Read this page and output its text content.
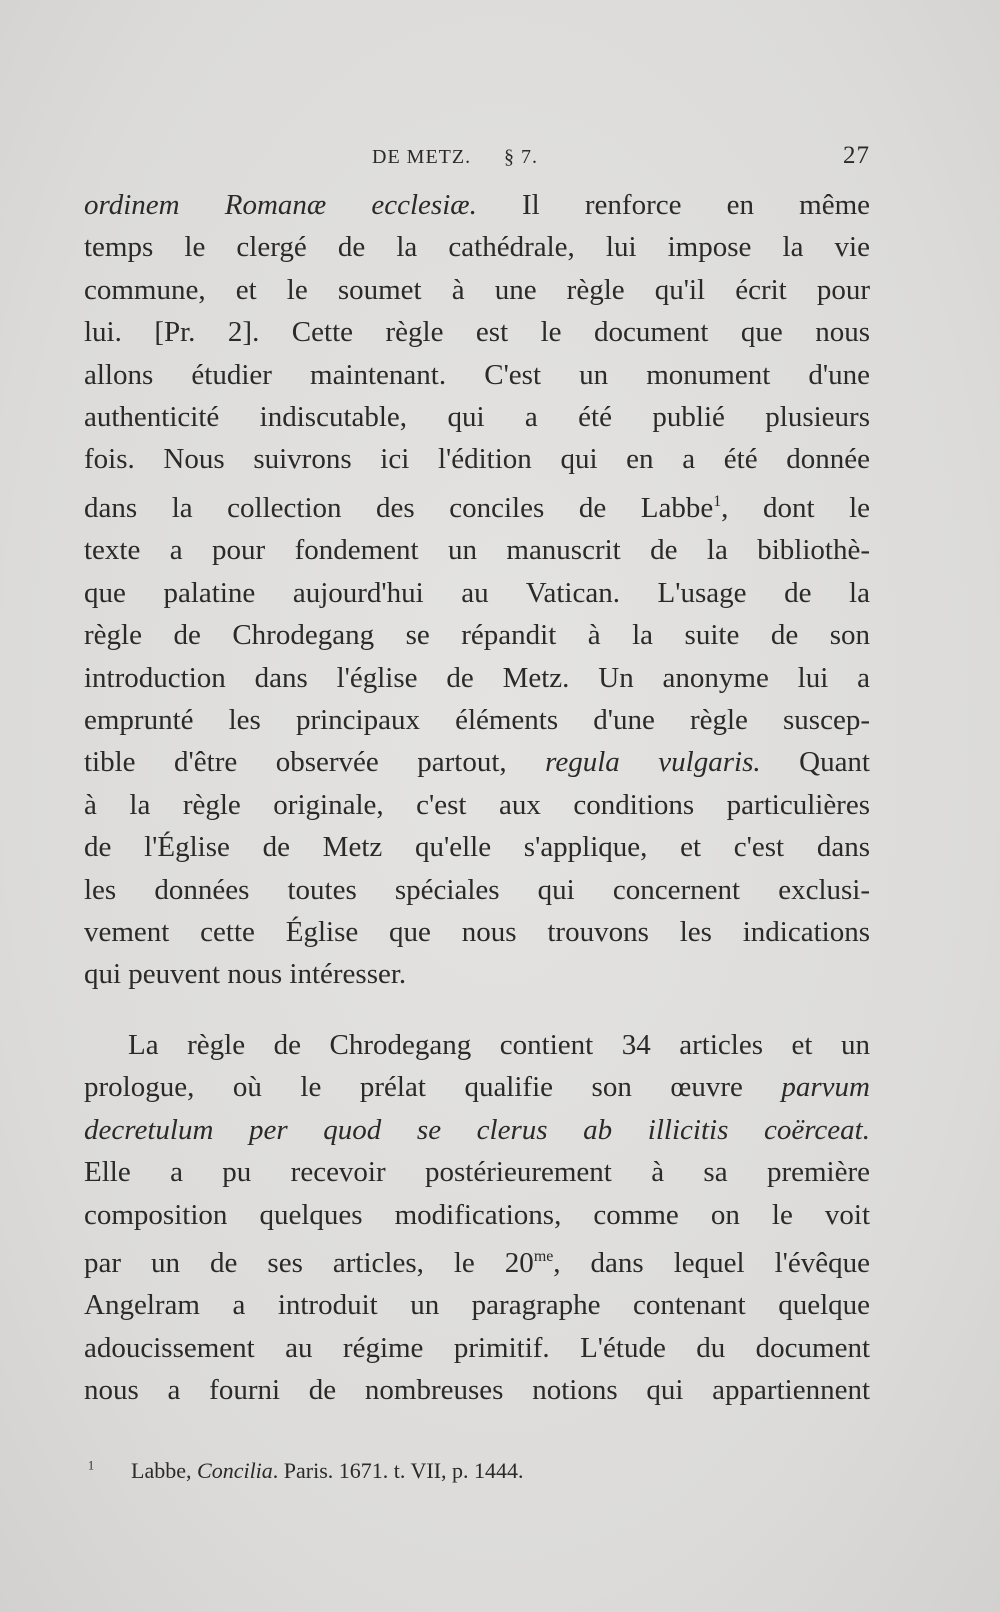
DE METZ. § 7.	27

ordinem Romanæ ecclesiæ. Il renforce en même
temps le clergé de la cathédrale, lui impose la vie
commune, et le soumet à une règle qu'il écrit pour
lui. [Pr. 2]. Cette règle est le document que nous
allons étudier maintenant. C'est un monument d'une
authenticité indiscutable, qui a été publié plusieurs
fois. Nous suivrons ici l'édition qui en a été donnée
dans la collection des conciles de Labbe$^1$, dont le
texte a pour fondement un manuscrit de la bibliothè-
que palatine aujourd'hui au Vatican. L'usage de la
règle de Chrodegang se répandit à la suite de son
introduction dans l'église de Metz. Un anonyme lui a
emprunté les principaux éléments d'une règle suscep-
tible d'être observée partout, regula vulgaris. Quant
à la règle originale, c'est aux conditions particulières
de l'Église de Metz qu'elle s'applique, et c'est dans
les données toutes spéciales qui concernent exclusi-
vement cette Église que nous trouvons les indications
qui peuvent nous intéresser.

La règle de Chrodegang contient 34 articles et un
prologue, où le prélat qualifie son œuvre parvum
decretulum per quod se clerus ab illicitis coërceat.
Elle a pu recevoir postérieurement à sa première
composition quelques modifications, comme on le voit
par un de ses articles, le $20^{me}$, dans lequel l'évêque
Angelram a introduit un paragraphe contenant quelque
adoucissement au régime primitif. L'étude du document
nous a fourni de nombreuses notions qui appartiennent

$^1$ Labbe, Concilia. Paris. 1671. t. VII, p. 1444.
